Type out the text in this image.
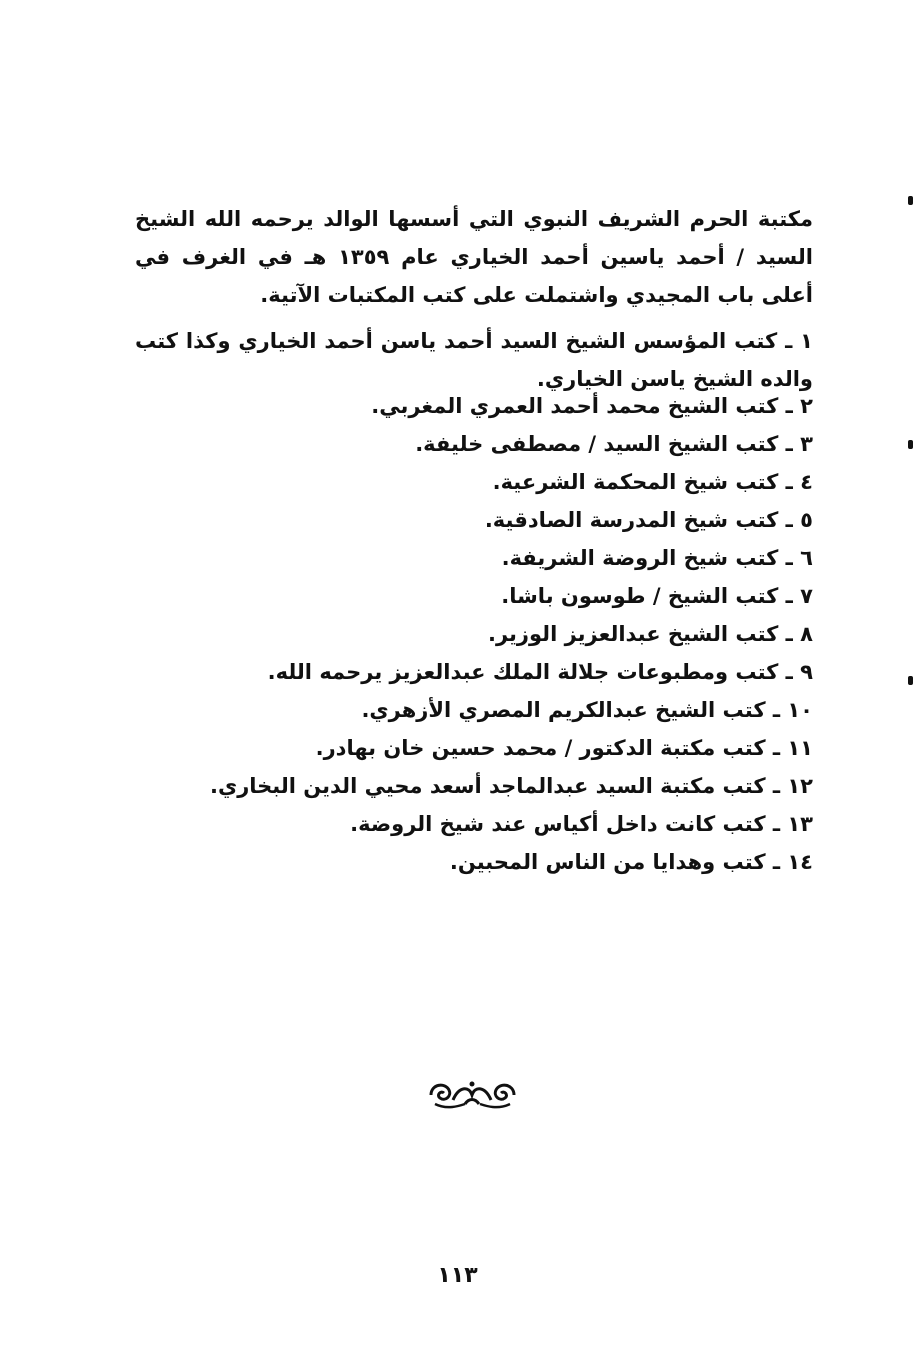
مكتبة الحرم الشريف النبوي التي أسسها الوالد يرحمه الله الشيخ السيد / أحمد ياسين أحمد الخياري عام ١٣٥٩ هـ في الغرف في أعلى باب المجيدي واشتملت على كتب المكتبات الآتية.

١ ـ كتب المؤسس الشيخ السيد أحمد ياسن أحمد الخياري وكذا كتب والده الشيخ ياسن الخياري.
٢ ـ كتب الشيخ محمد أحمد العمري المغربي.
٣ ـ كتب الشيخ السيد / مصطفى خليفة.
٤ ـ كتب شيخ المحكمة الشرعية.
٥ ـ كتب شيخ المدرسة الصادقية.
٦ ـ كتب شيخ الروضة الشريفة.
٧ ـ كتب الشيخ / طوسون باشا.
٨ ـ كتب الشيخ عبدالعزيز الوزير.
٩ ـ كتب ومطبوعات جلالة الملك عبدالعزيز يرحمه الله.
١٠ ـ كتب الشيخ عبدالكريم المصري الأزهري.
١١ ـ كتب مكتبة الدكتور / محمد حسين خان بهادر.
١٢ ـ كتب مكتبة السيد عبدالماجد أسعد محيي الدين البخاري.
١٣ ـ كتب كانت داخل أكياس عند شيخ الروضة.
١٤ ـ كتب وهدايا من الناس المحبين.
١١٣
